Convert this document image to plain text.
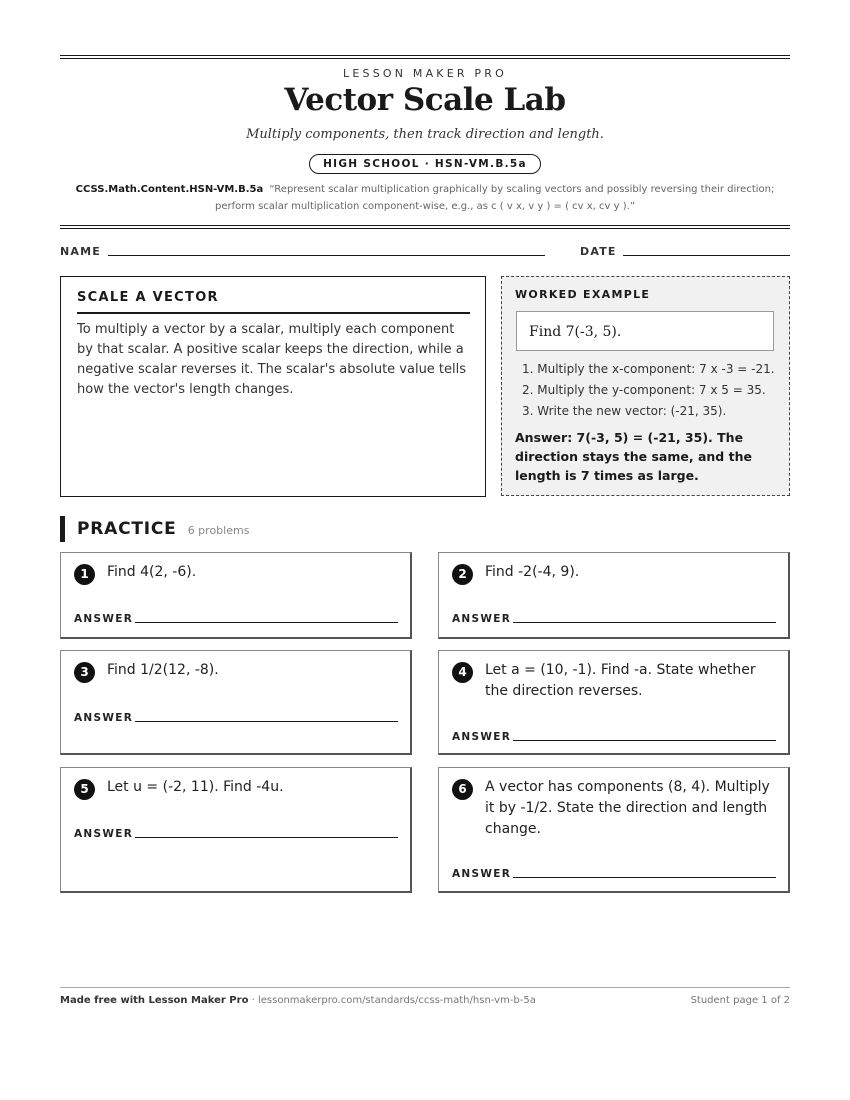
LESSON MAKER PRO
Vector Scale Lab
Multiply components, then track direction and length.
HIGH SCHOOL · HSN-VM.B.5a
CCSS.Math.Content.HSN-VM.B.5a “Represent scalar multiplication graphically by scaling vectors and possibly reversing their direction; perform scalar multiplication component-wise, e.g., as c ( v x, v y ) = ( cv x, cv y ).”
NAME	DATE
SCALE A VECTOR
To multiply a vector by a scalar, multiply each component by that scalar. A positive scalar keeps the direction, while a negative scalar reverses it. The scalar's absolute value tells how the vector's length changes.
WORKED EXAMPLE
Find 7(-3, 5).
1. Multiply the x-component: 7 x -3 = -21.
2. Multiply the y-component: 7 x 5 = 35.
3. Write the new vector: (-21, 35).
Answer: 7(-3, 5) = (-21, 35). The direction stays the same, and the length is 7 times as large.
PRACTICE 6 problems
1	Find 4(2, -6).
ANSWER
2	Find -2(-4, 9).
ANSWER
3	Find 1/2(12, -8).
ANSWER
4	Let a = (10, -1). Find -a. State whether the direction reverses.
ANSWER
5	Let u = (-2, 11). Find -4u.
ANSWER
6	A vector has components (8, 4). Multiply it by -1/2. State the direction and length change.
ANSWER
Made free with Lesson Maker Pro · lessonmakerpro.com/standards/ccss-math/hsn-vm-b-5a	Student page 1 of 2
